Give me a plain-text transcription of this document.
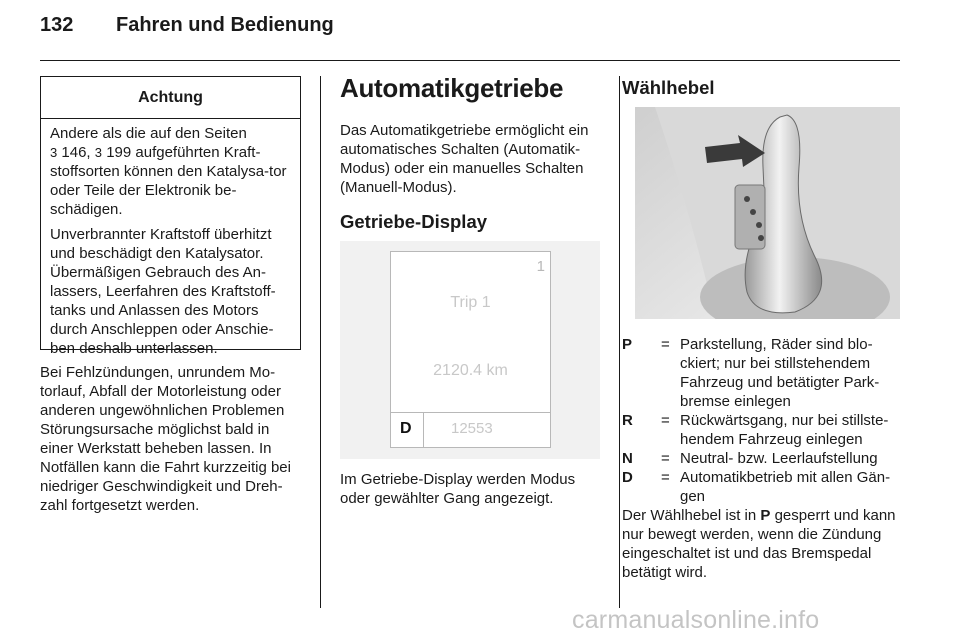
132 Fahren und Bedienung
Achtung

Andere als die auf den Seiten
3 146, 3 199 aufgeführten Kraft- stoffsorten können den Katalysa-tor oder Teile der Elektronik be-schädigen.

Unverbrannter Kraftstoff überhitzt und beschädigt den Katalysator. Übermäßigen Gebrauch des An-lassers, Leerfahren des Kraftstoff-tanks und Anlassen des Motors durch Anschleppen oder Anschie-ben deshalb unterlassen.

Bei Fehlzündungen, unrundem Mo-torlauf, Abfall der Motorleistung oder anderen ungewöhnlichen Problemen Störungsursache möglichst bald in einer Werkstatt beheben lassen. In Notfällen kann die Fahrt kurzzeitig bei niedriger Geschwindigkeit und Dreh-zahl fortgesetzt werden.
Automatikgetriebe
Das Automatikgetriebe ermöglicht ein automatisches Schalten (Automatik-Modus) oder ein manuelles Schalten (Manuell-Modus).
Getriebe-Display
1
Trip 1
2120.4 km
D	12553
Im Getriebe-Display werden Modus oder gewählter Gang angezeigt.
Wählhebel
P	= Parkstellung, Räder sind blo-ckiert; nur bei stillstehendem Fahrzeug und betätigter Park-bremse einlegen
R	= Rückwärtsgang, nur bei stillste-hendem Fahrzeug einlegen
N	= Neutral- bzw. Leerlaufstellung
D	= Automatikbetrieb mit allen Gän-gen
Der Wählhebel ist in P gesperrt und kann nur bewegt werden, wenn die Zündung eingeschaltet ist und das Bremspedal betätigt wird.
carmanualsonline.info
